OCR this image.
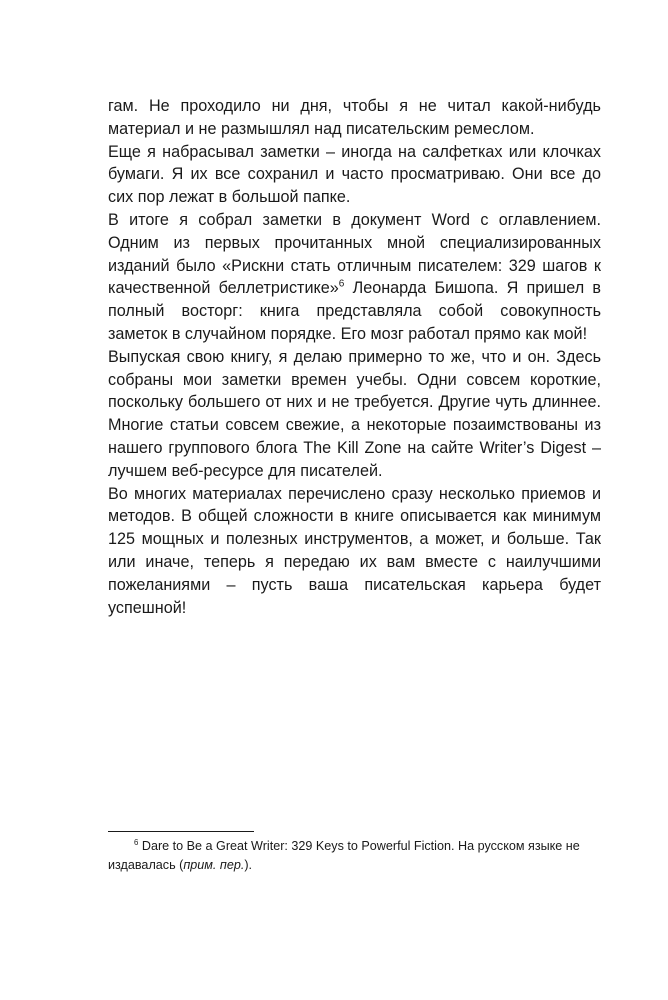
гам. Не проходило ни дня, чтобы я не читал какой-нибудь материал и не размышлял над писательским ремеслом.

Еще я набрасывал заметки – иногда на салфетках или клочках бумаги. Я их все сохранил и часто просматриваю. Они все до сих пор лежат в большой папке.

В итоге я собрал заметки в документ Word с оглавлением. Одним из первых прочитанных мной специализированных изданий было «Рискни стать отличным писателем: 329 шагов к качественной беллетристике»$^6$ Леонарда Бишопа. Я пришел в полный восторг: книга представляла собой совокупность заметок в случайном порядке. Его мозг работал прямо как мой!

Выпуская свою книгу, я делаю примерно то же, что и он. Здесь собраны мои заметки времен учебы. Одни совсем короткие, поскольку большего от них и не требуется. Другие чуть длиннее. Многие статьи совсем свежие, а некоторые позаимствованы из нашего группового блога The Kill Zone на сайте Writer’s Digest – лучшем веб-ресурсе для писателей.

Во многих материалах перечислено сразу несколько приемов и методов. В общей сложности в книге описывается как минимум 125 мощных и полезных инструментов, а может, и больше. Так или иначе, теперь я передаю их вам вместе с наилучшими пожеланиями – пусть ваша писательская карьера будет успешной!

$^6$ Dare to Be a Great Writer: 329 Keys to Powerful Fiction. На русском языке не издавалась (прим. пер.).
